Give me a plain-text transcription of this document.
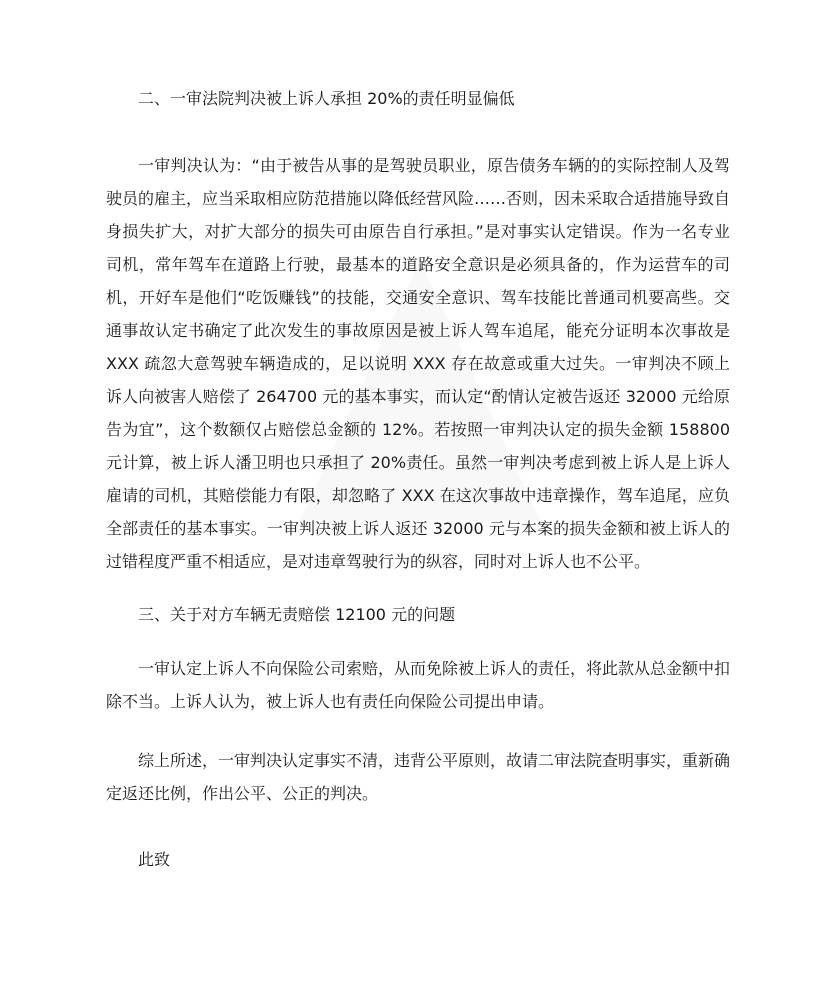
二、一审法院判决被上诉人承担 20%的责任明显偏低

一审判决认为：“由于被告从事的是驾驶员职业，原告债务车辆的的实际控制人及驾驶员的雇主，应当采取相应防范措施以降低经营风险……否则，因未采取合适措施导致自身损失扩大，对扩大部分的损失可由原告自行承担。”是对事实认定错误。作为一名专业司机，常年驾车在道路上行驶，最基本的道路安全意识是必须具备的，作为运营车的司机，开好车是他们“吃饭赚钱”的技能，交通安全意识、驾车技能比普通司机要高些。交通事故认定书确定了此次发生的事故原因是被上诉人驾车追尾，能充分证明本次事故是 XXX 疏忽大意驾驶车辆造成的，足以说明 XXX 存在故意或重大过失。一审判决不顾上诉人向被害人赔偿了 264700 元的基本事实，而认定“酌情认定被告返还 32000 元给原告为宜”，这个数额仅占赔偿总金额的 12%。若按照一审判决认定的损失金额 158800 元计算，被上诉人潘卫明也只承担了 20%责任。虽然一审判决考虑到被上诉人是上诉人雇请的司机，其赔偿能力有限，却忽略了 XXX 在这次事故中违章操作，驾车追尾，应负全部责任的基本事实。一审判决被上诉人返还 32000 元与本案的损失金额和被上诉人的过错程度严重不相适应，是对违章驾驶行为的纵容，同时对上诉人也不公平。

三、关于对方车辆无责赔偿 12100 元的问题

一审认定上诉人不向保险公司索赔，从而免除被上诉人的责任，将此款从总金额中扣除不当。上诉人认为，被上诉人也有责任向保险公司提出申请。

综上所述，一审判决认定事实不清，违背公平原则，故请二审法院查明事实，重新确定返还比例，作出公平、公正的判决。

此致
